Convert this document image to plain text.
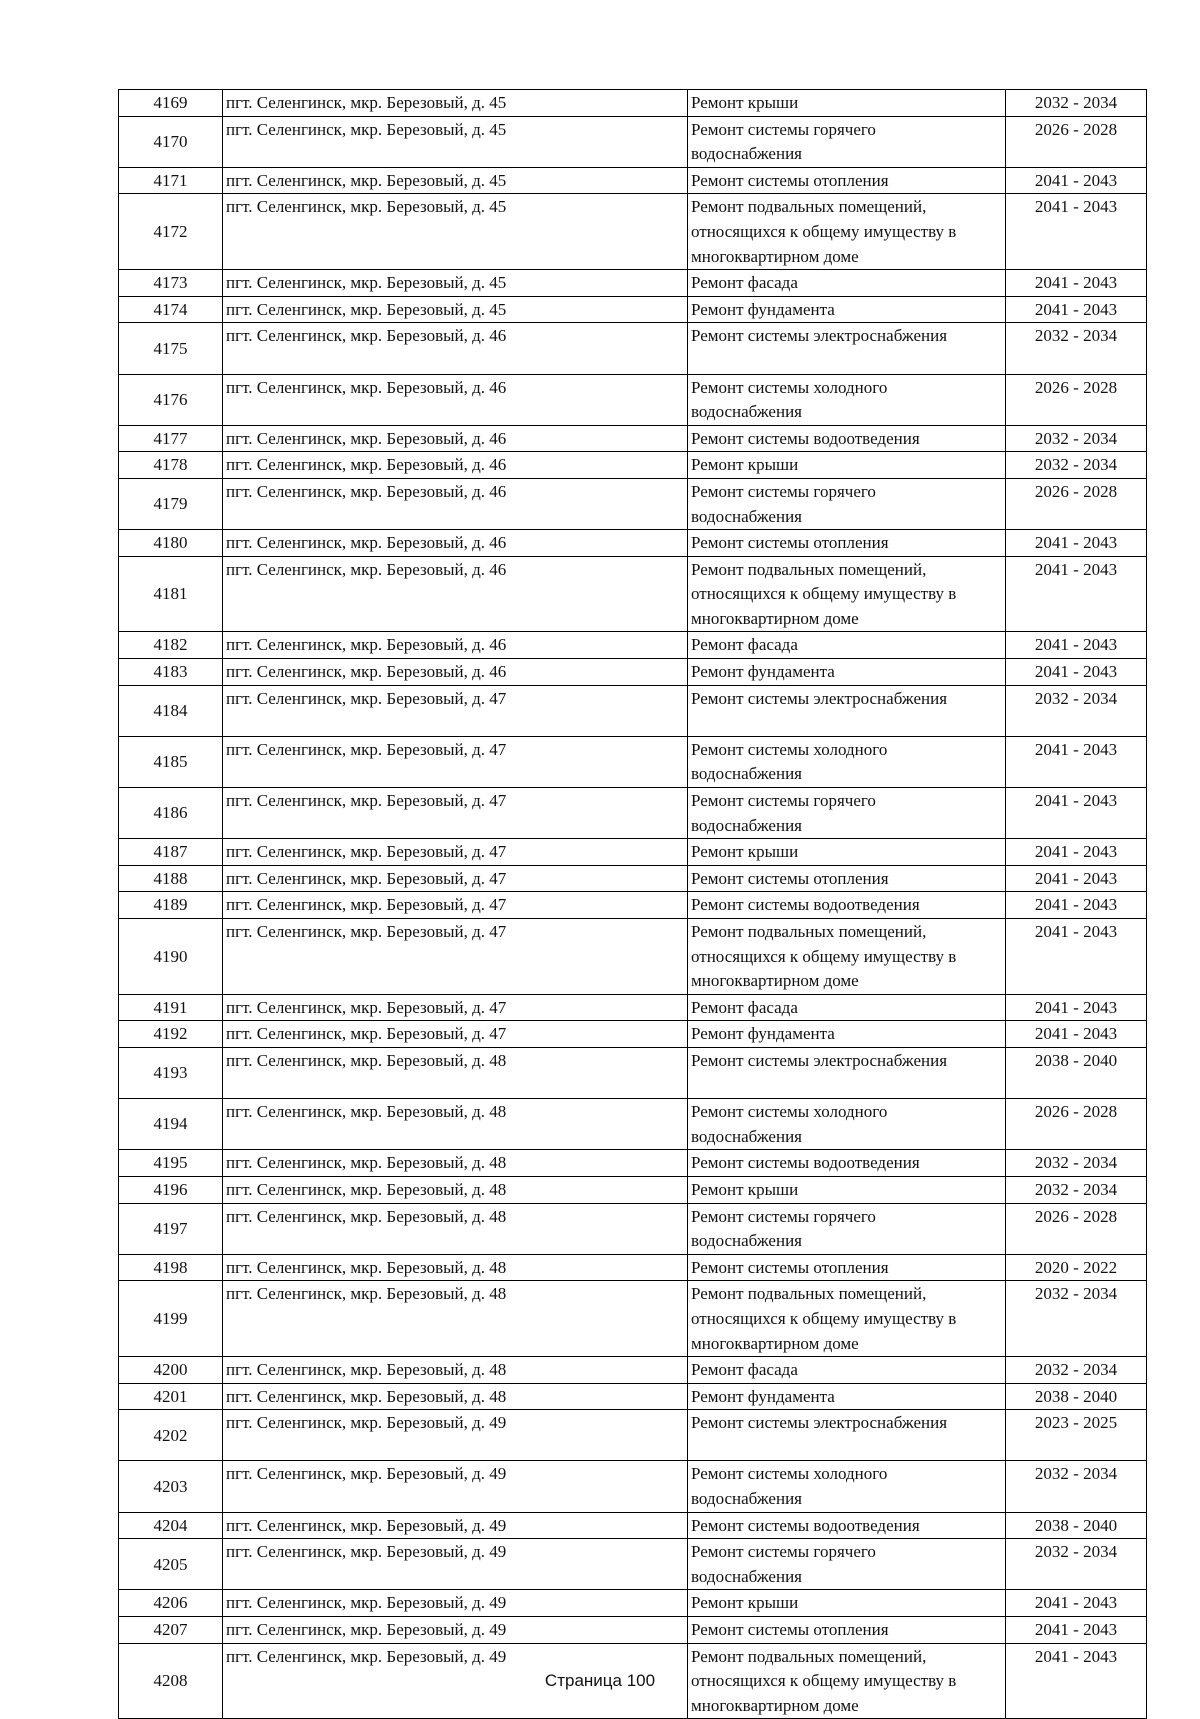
4169	пгт. Селенгинск, мкр. Березовый, д. 45	Ремонт крыши	2032 - 2034
4170	пгт. Селенгинск, мкр. Березовый, д. 45	Ремонт системы горячего
водоснабжения	2026 - 2028
4171	пгт. Селенгинск, мкр. Березовый, д. 45	Ремонт системы отопления	2041 - 2043
4172	пгт. Селенгинск, мкр. Березовый, д. 45	Ремонт подвальных помещений,
относящихся к общему имуществу в
многоквартирном доме	2041 - 2043
4173	пгт. Селенгинск, мкр. Березовый, д. 45	Ремонт фасада	2041 - 2043
4174	пгт. Селенгинск, мкр. Березовый, д. 45	Ремонт фундамента	2041 - 2043
4175	пгт. Селенгинск, мкр. Березовый, д. 46	Ремонт системы электроснабжения	2032 - 2034
4176	пгт. Селенгинск, мкр. Березовый, д. 46	Ремонт системы холодного
водоснабжения	2026 - 2028
4177	пгт. Селенгинск, мкр. Березовый, д. 46	Ремонт системы водоотведения	2032 - 2034
4178	пгт. Селенгинск, мкр. Березовый, д. 46	Ремонт крыши	2032 - 2034
4179	пгт. Селенгинск, мкр. Березовый, д. 46	Ремонт системы горячего
водоснабжения	2026 - 2028
4180	пгт. Селенгинск, мкр. Березовый, д. 46	Ремонт системы отопления	2041 - 2043
4181	пгт. Селенгинск, мкр. Березовый, д. 46	Ремонт подвальных помещений,
относящихся к общему имуществу в
многоквартирном доме	2041 - 2043
4182	пгт. Селенгинск, мкр. Березовый, д. 46	Ремонт фасада	2041 - 2043
4183	пгт. Селенгинск, мкр. Березовый, д. 46	Ремонт фундамента	2041 - 2043
4184	пгт. Селенгинск, мкр. Березовый, д. 47	Ремонт системы электроснабжения	2032 - 2034
4185	пгт. Селенгинск, мкр. Березовый, д. 47	Ремонт системы холодного
водоснабжения	2041 - 2043
4186	пгт. Селенгинск, мкр. Березовый, д. 47	Ремонт системы горячего
водоснабжения	2041 - 2043
4187	пгт. Селенгинск, мкр. Березовый, д. 47	Ремонт крыши	2041 - 2043
4188	пгт. Селенгинск, мкр. Березовый, д. 47	Ремонт системы отопления	2041 - 2043
4189	пгт. Селенгинск, мкр. Березовый, д. 47	Ремонт системы водоотведения	2041 - 2043
4190	пгт. Селенгинск, мкр. Березовый, д. 47	Ремонт подвальных помещений,
относящихся к общему имуществу в
многоквартирном доме	2041 - 2043
4191	пгт. Селенгинск, мкр. Березовый, д. 47	Ремонт фасада	2041 - 2043
4192	пгт. Селенгинск, мкр. Березовый, д. 47	Ремонт фундамента	2041 - 2043
4193	пгт. Селенгинск, мкр. Березовый, д. 48	Ремонт системы электроснабжения	2038 - 2040
4194	пгт. Селенгинск, мкр. Березовый, д. 48	Ремонт системы холодного
водоснабжения	2026 - 2028
4195	пгт. Селенгинск, мкр. Березовый, д. 48	Ремонт системы водоотведения	2032 - 2034
4196	пгт. Селенгинск, мкр. Березовый, д. 48	Ремонт крыши	2032 - 2034
4197	пгт. Селенгинск, мкр. Березовый, д. 48	Ремонт системы горячего
водоснабжения	2026 - 2028
4198	пгт. Селенгинск, мкр. Березовый, д. 48	Ремонт системы отопления	2020 - 2022
4199	пгт. Селенгинск, мкр. Березовый, д. 48	Ремонт подвальных помещений,
относящихся к общему имуществу в
многоквартирном доме	2032 - 2034
4200	пгт. Селенгинск, мкр. Березовый, д. 48	Ремонт фасада	2032 - 2034
4201	пгт. Селенгинск, мкр. Березовый, д. 48	Ремонт фундамента	2038 - 2040
4202	пгт. Селенгинск, мкр. Березовый, д. 49	Ремонт системы электроснабжения	2023 - 2025
4203	пгт. Селенгинск, мкр. Березовый, д. 49	Ремонт системы холодного
водоснабжения	2032 - 2034
4204	пгт. Селенгинск, мкр. Березовый, д. 49	Ремонт системы водоотведения	2038 - 2040
4205	пгт. Селенгинск, мкр. Березовый, д. 49	Ремонт системы горячего
водоснабжения	2032 - 2034
4206	пгт. Селенгинск, мкр. Березовый, д. 49	Ремонт крыши	2041 - 2043
4207	пгт. Селенгинск, мкр. Березовый, д. 49	Ремонт системы отопления	2041 - 2043
4208	пгт. Селенгинск, мкр. Березовый, д. 49	Ремонт подвальных помещений,
относящихся к общему имуществу в
многоквартирном доме	2041 - 2043
Страница 100
